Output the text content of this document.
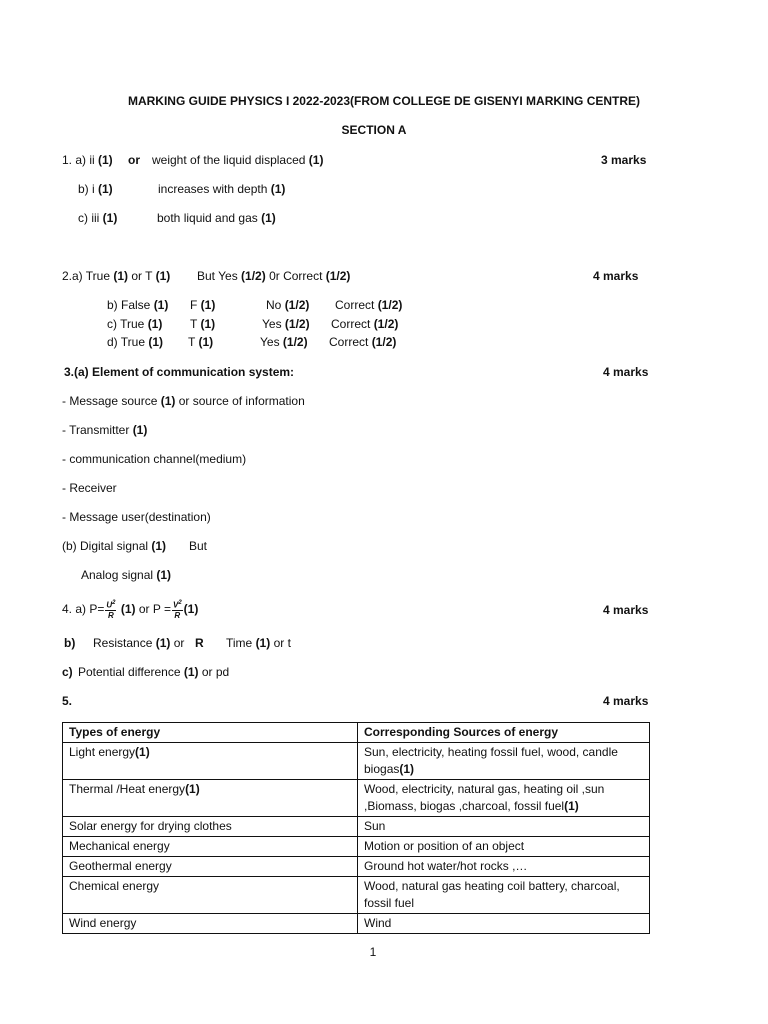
MARKING GUIDE PHYSICS I 2022-2023(FROM COLLEGE DE GISENYI MARKING CENTRE)
SECTION A
1. a) ii (1) or weight of the liquid displaced (1)	3 marks
b) i (1)	increases with depth (1)
c) iii (1)	both liquid and gas (1)
2.a) True (1) or T (1) But Yes (1/2) 0r Correct (1/2)	4 marks
b) False (1) F (1)	No (1/2) Correct (1/2)
c) True (1) T (1)	Yes (1/2) Correct (1/2)
d) True (1) T (1)	Yes (1/2) Correct (1/2)
3.(a) Element of communication system:	4 marks
- Message source (1) or source of information
- Transmitter (1)
- communication channel(medium)
- Receiver
- Message user(destination)
(b) Digital signal (1) But
Analog signal (1)
4. a) $P= \frac{U^2}{R} (1)$ or $P = \frac{V^2}{R} (1)$	4 marks
b) Resistance (1) or R Time (1) or t
c) Potential difference (1) or pd
5.	4 marks
Types of energy	Corresponding Sources of energy
Light energy(1)	Sun, electricity, heating fossil fuel, wood, candle biogas(1)
Thermal /Heat energy(1)	Wood, electricity, natural gas, heating oil ,sun ,Biomass, biogas ,charcoal, fossil fuel(1)
Solar energy for drying clothes	Sun
Mechanical energy	Motion or position of an object
Geothermal energy	Ground hot water/hot rocks ,…
Chemical energy	Wood, natural gas heating coil battery, charcoal, fossil fuel
Wind energy	Wind
1
